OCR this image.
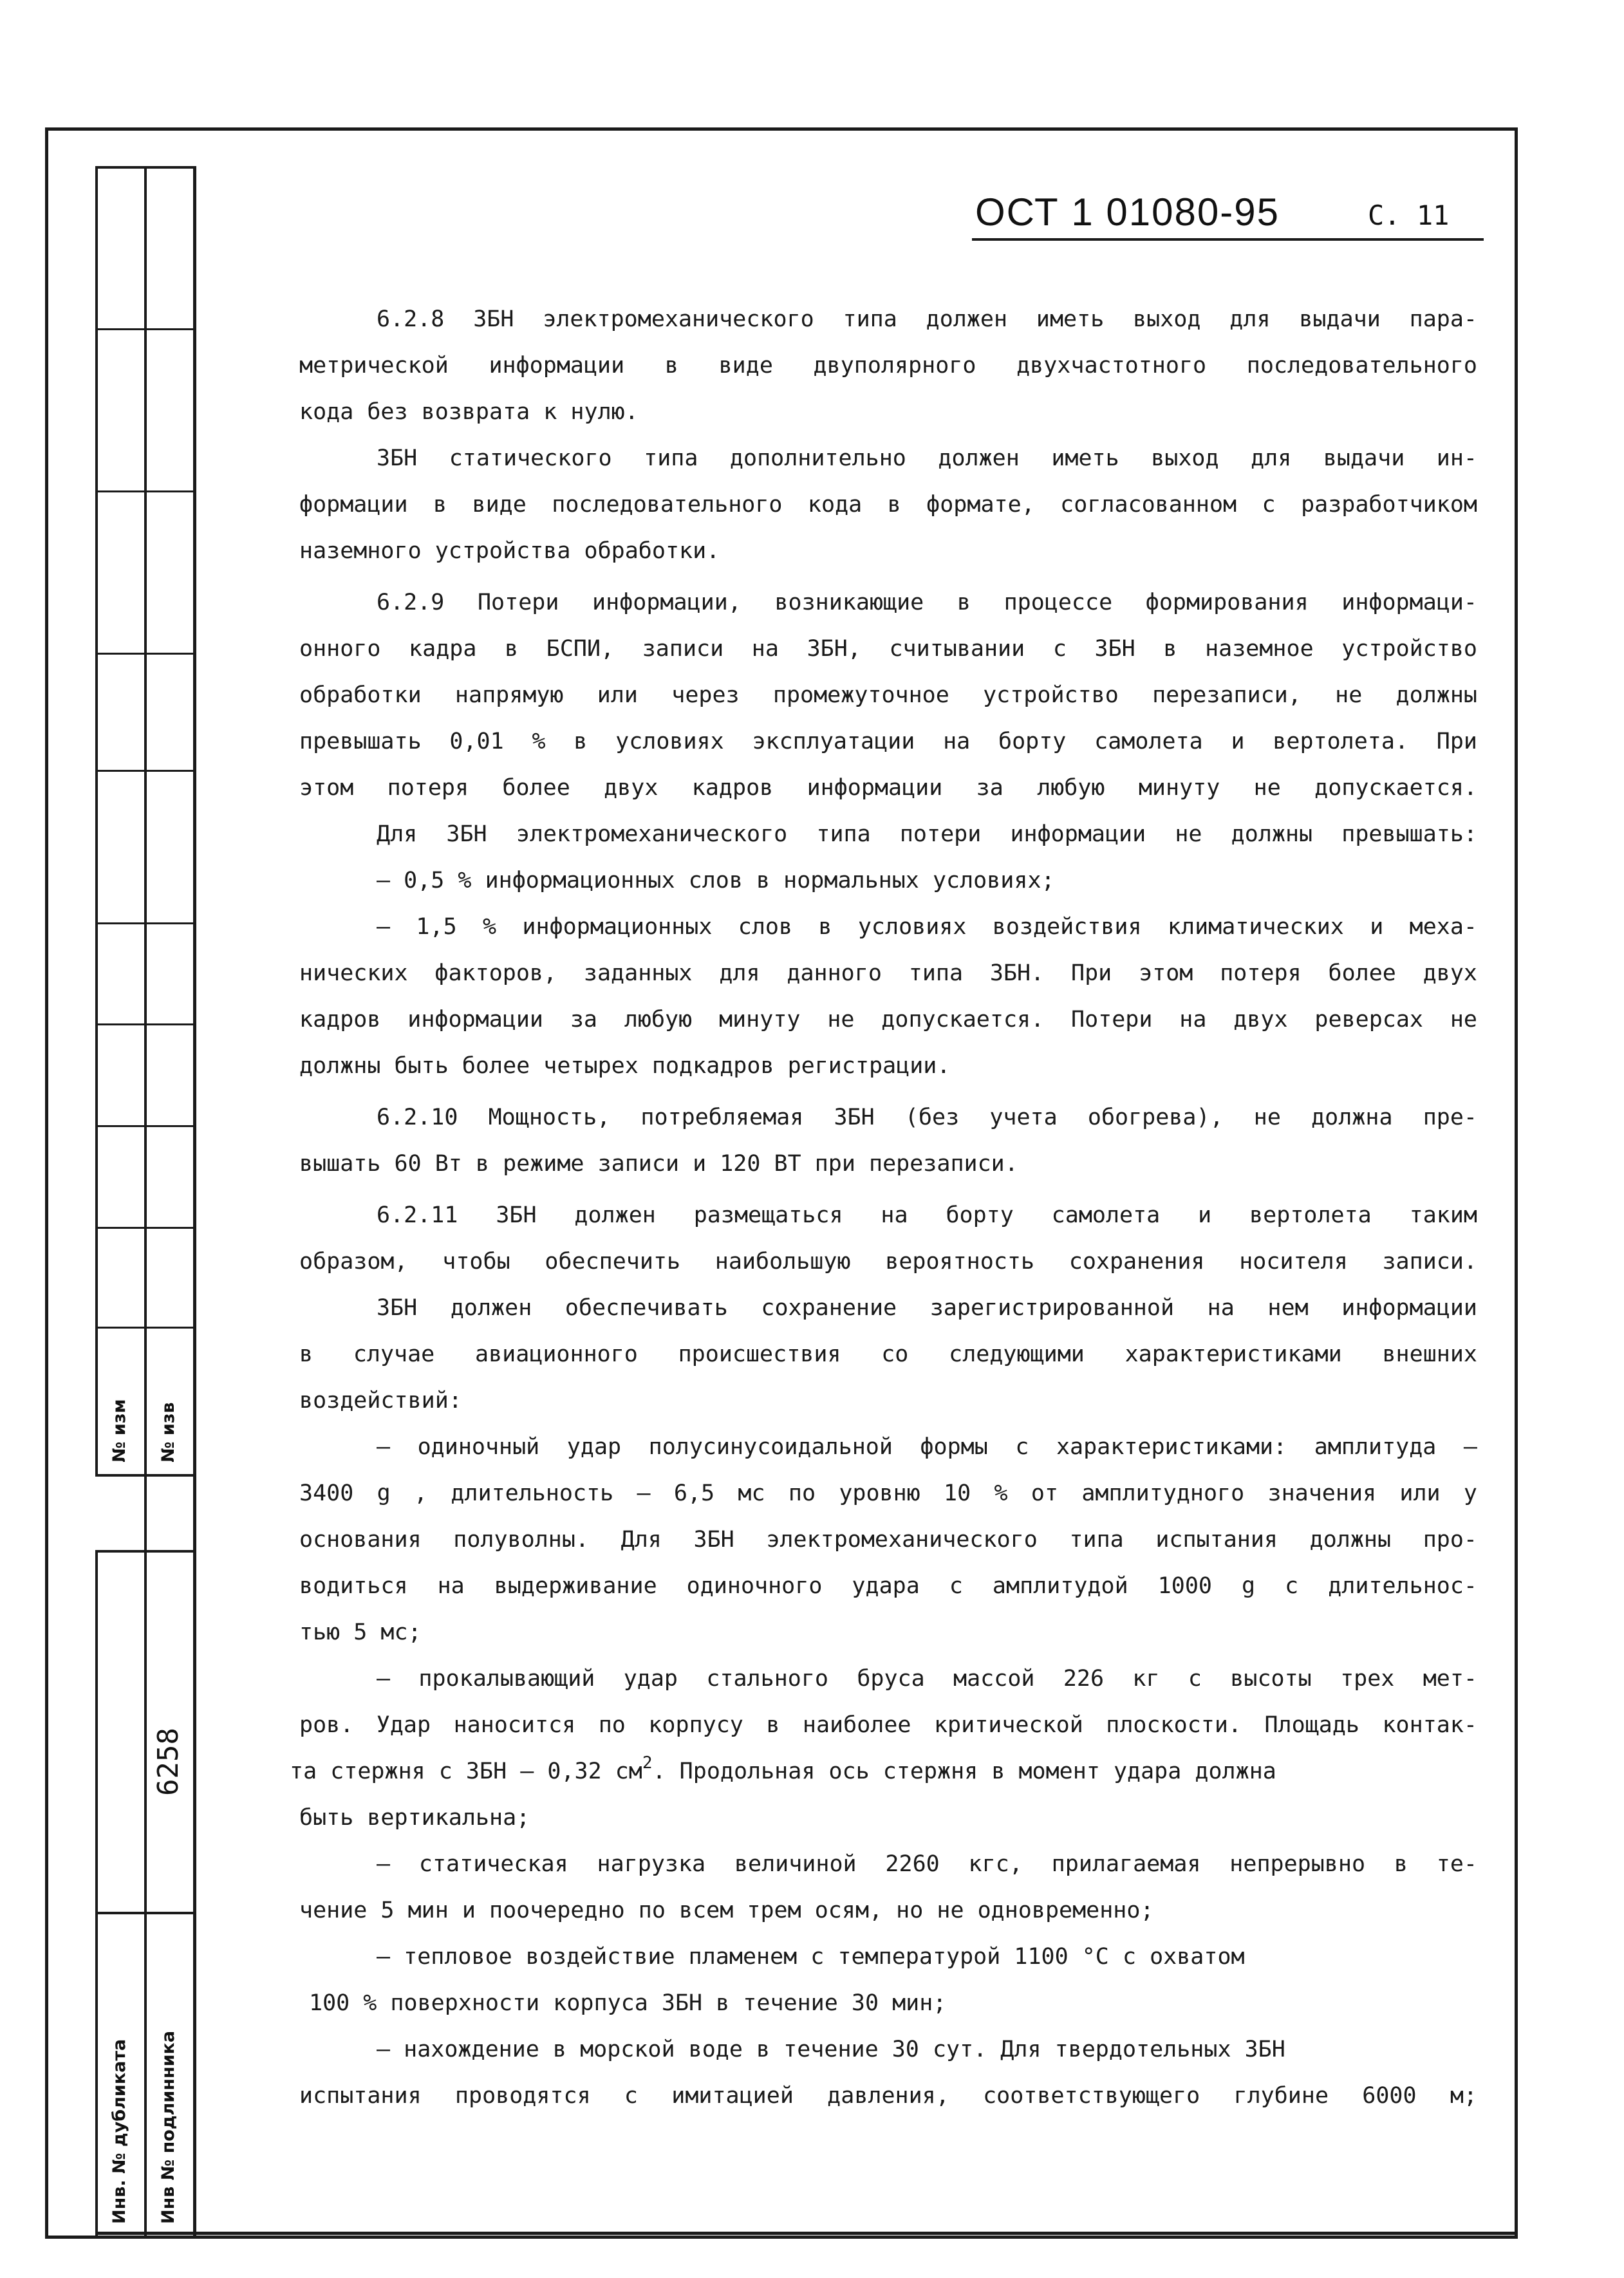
№ изм № изв
6258
Инв. № дубликата Инв № подлинника
ОСТ 1 01080-95	С. 11
6.2.8 ЗБН электромеханического типа должен иметь выход для выдачи пара-
метрической информации в виде двуполярного двухчастотного последовательного
кода без возврата к нулю.
ЗБН статического типа дополнительно должен иметь выход для выдачи ин-
формации в виде последовательного кода в формате, согласованном с разработчиком
наземного устройства обработки.
6.2.9 Потери информации, возникающие в процессе формирования информаци-
онного кадра в БСПИ, записи на ЗБН, считывании с ЗБН в наземное устройство
обработки напрямую или через промежуточное устройство перезаписи, не должны
превышать 0,01 % в условиях эксплуатации на борту самолета и вертолета. При
этом потеря более двух кадров информации за любую минуту не допускается.
Для ЗБН электромеханического типа потери информации не должны превышать:
– 0,5 % информационных слов в нормальных условиях;
– 1,5 % информационных слов в условиях воздействия климатических и меха-
нических факторов, заданных для данного типа ЗБН. При этом потеря более двух
кадров информации за любую минуту не допускается. Потери на двух реверсах не
должны быть более четырех подкадров регистрации.
6.2.10 Мощность, потребляемая ЗБН (без учета обогрева), не должна пре-
вышать 60 Вт в режиме записи и 120 ВТ при перезаписи.
6.2.11 ЗБН должен размещаться на борту самолета и вертолета таким
образом, чтобы обеспечить наибольшую вероятность сохранения носителя записи.
ЗБН должен обеспечивать сохранение зарегистрированной на нем информации
в случае авиационного происшествия со следующими характеристиками внешних
воздействий:
– одиночный удар полусинусоидальной формы с характеристиками: амплитуда –
3400 g , длительность – 6,5 мс по уровню 10 % от амплитудного значения или у
основания полуволны. Для ЗБН электромеханического типа испытания должны про-
водиться на выдерживание одиночного удара с амплитудой 1000 g с длительнос-
тью 5 мс;
– прокалывающий удар стального бруса массой 226 кг с высоты трех мет-
ров. Удар наносится по корпусу в наиболее критической плоскости. Площадь контак-
та стержня с ЗБН – 0,32 $см^2$. Продольная ось стержня в момент удара должна
быть вертикальна;
– статическая нагрузка величиной 2260 кгс, прилагаемая непрерывно в те-
чение 5 мин и поочередно по всем трем осям, но не одновременно;
– тепловое воздействие пламенем с температурой 1100 °С с охватом
100 % поверхности корпуса ЗБН в течение 30 мин;
– нахождение в морской воде в течение 30 сут. Для твердотельных ЗБН
испытания проводятся с имитацией давления, соответствующего глубине 6000 м;
